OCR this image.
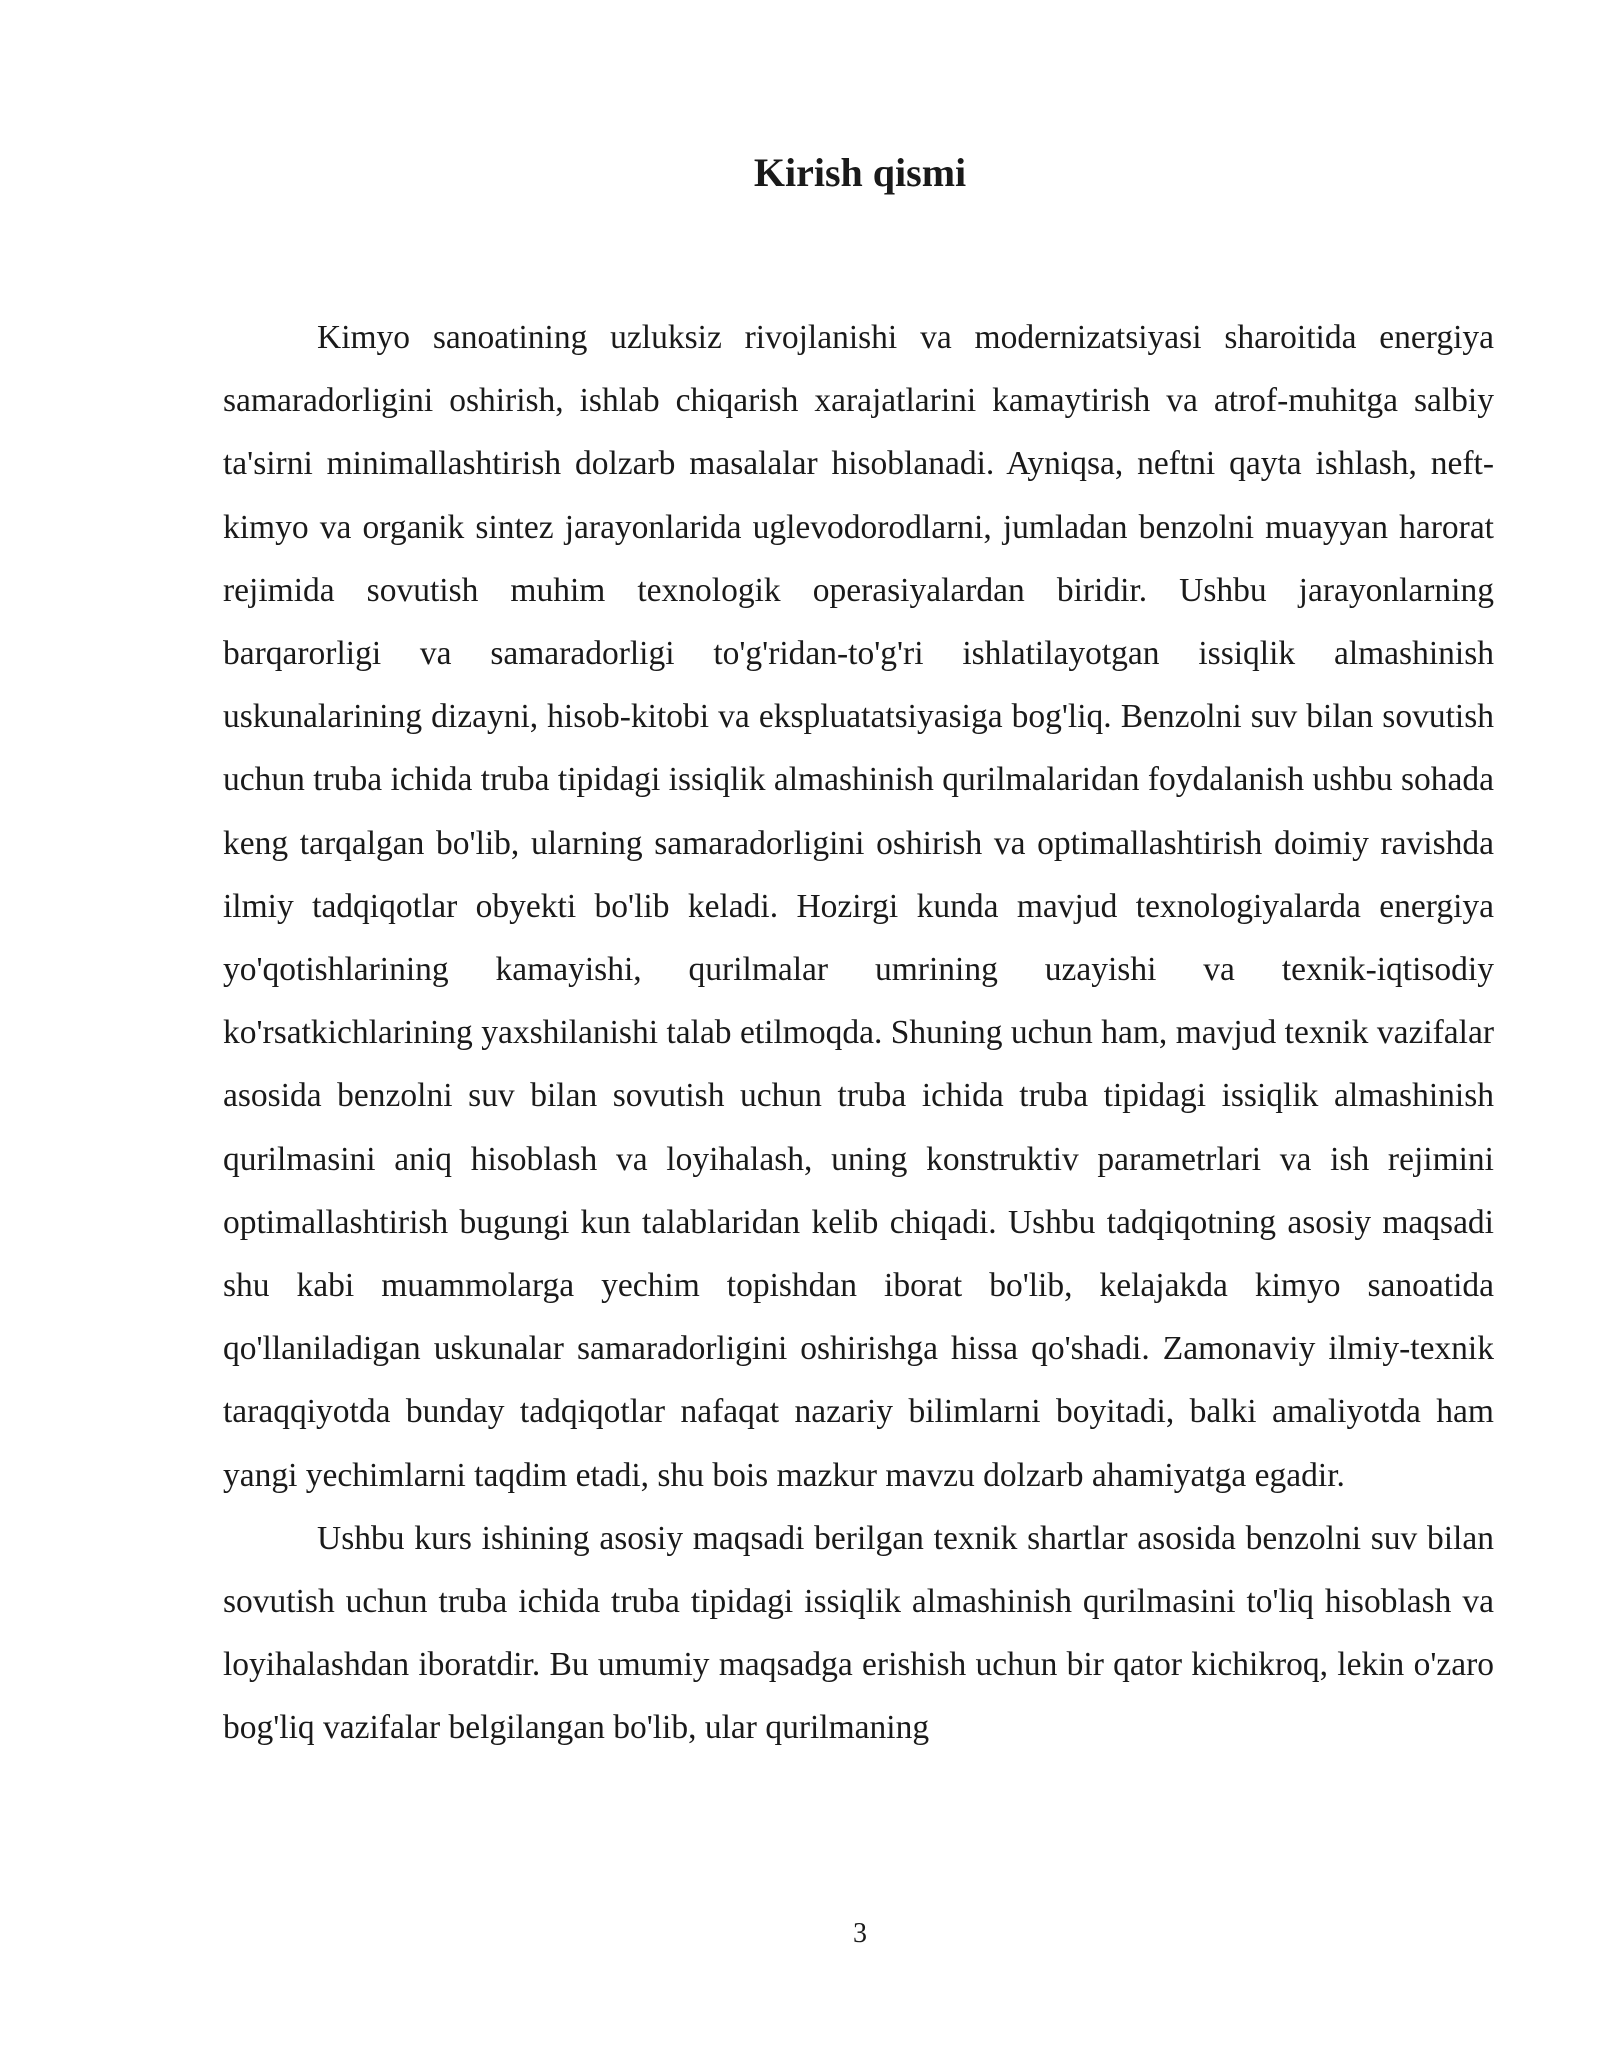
Kirish qismi

Kimyo sanoatining uzluksiz rivojlanishi va modernizatsiyasi sharoitida energiya samaradorligini oshirish, ishlab chiqarish xarajatlarini kamaytirish va atrof-muhitga salbiy ta'sirni minimallashtirish dolzarb masalalar hisoblanadi. Ayniqsa, neftni qayta ishlash, neft-kimyo va organik sintez jarayonlarida uglevodorodlarni, jumladan benzolni muayyan harorat rejimida sovutish muhim texnologik operasiyalardan biridir. Ushbu jarayonlarning barqarorligi va samaradorligi to'g'ridan-to'g'ri ishlatilayotgan issiqlik almashinish uskunalarining dizayni, hisob-kitobi va ekspluatatsiyasiga bog'liq. Benzolni suv bilan sovutish uchun truba ichida truba tipidagi issiqlik almashinish qurilmalaridan foydalanish ushbu sohada keng tarqalgan bo'lib, ularning samaradorligini oshirish va optimallashtirish doimiy ravishda ilmiy tadqiqotlar obyekti bo'lib keladi. Hozirgi kunda mavjud texnologiyalarda energiya yo'qotishlarining kamayishi, qurilmalar umrining uzayishi va texnik-iqtisodiy ko'rsatkichlarining yaxshilanishi talab etilmoqda. Shuning uchun ham, mavjud texnik vazifalar asosida benzolni suv bilan sovutish uchun truba ichida truba tipidagi issiqlik almashinish qurilmasini aniq hisoblash va loyihalash, uning konstruktiv parametrlari va ish rejimini optimallashtirish bugungi kun talablaridan kelib chiqadi. Ushbu tadqiqotning asosiy maqsadi shu kabi muammolarga yechim topishdan iborat bo'lib, kelajakda kimyo sanoatida qo'llaniladigan uskunalar samaradorligini oshirishga hissa qo'shadi. Zamonaviy ilmiy-texnik taraqqiyotda bunday tadqiqotlar nafaqat nazariy bilimlarni boyitadi, balki amaliyotda ham yangi yechimlarni taqdim etadi, shu bois mazkur mavzu dolzarb ahamiyatga egadir.

Ushbu kurs ishining asosiy maqsadi berilgan texnik shartlar asosida benzolni suv bilan sovutish uchun truba ichida truba tipidagi issiqlik almashinish qurilmasini to'liq hisoblash va loyihalashdan iboratdir. Bu umumiy maqsadga erishish uchun bir qator kichikroq, lekin o'zaro bog'liq vazifalar belgilangan bo'lib, ular qurilmaning

3
